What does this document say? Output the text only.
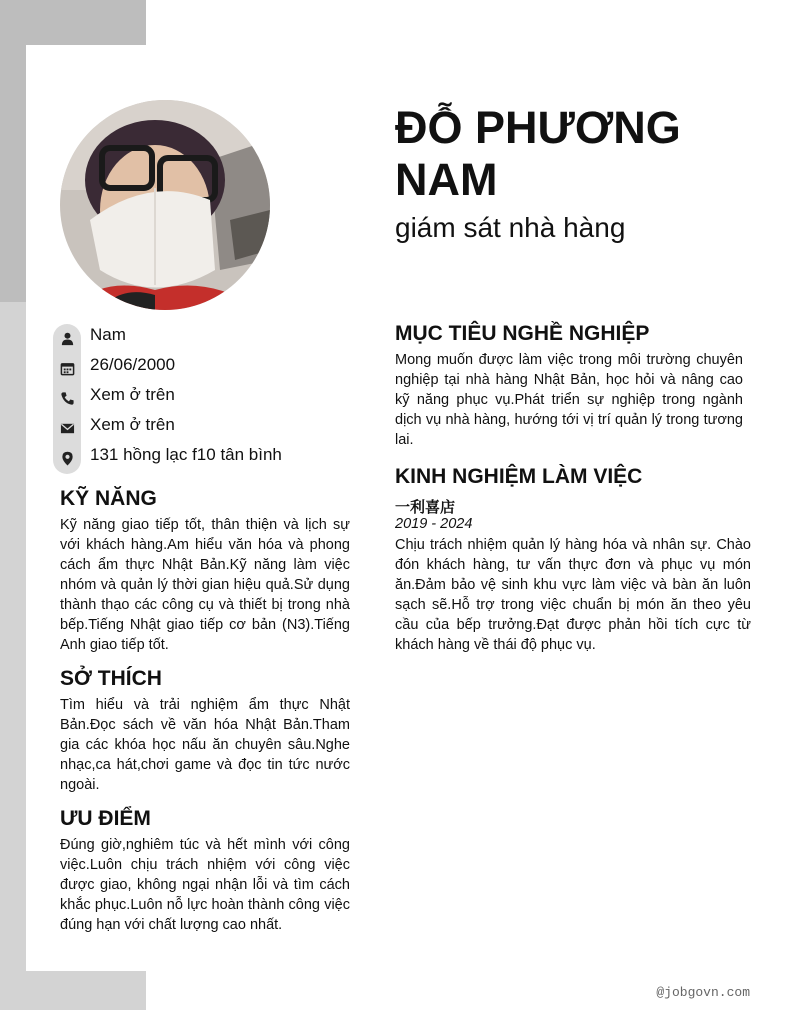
ĐỖ PHƯƠNG NAM
giám sát nhà hàng
Nam
26/06/2000
Xem ở trên
Xem ở trên
131 hồng lạc f10 tân bình
KỸ NĂNG
Kỹ năng giao tiếp tốt, thân thiện và lịch sự với khách hàng.Am hiểu văn hóa và phong cách ẩm thực Nhật Bản.Kỹ năng làm việc nhóm và quản lý thời gian hiệu quả.Sử dụng thành thạo các công cụ và thiết bị trong nhà bếp.Tiếng Nhật giao tiếp cơ bản (N3).Tiếng Anh giao tiếp tốt.
SỞ THÍCH
Tìm hiểu và trải nghiệm ẩm thực Nhật Bản.Đọc sách về văn hóa Nhật Bản.Tham gia các khóa học nấu ăn chuyên sâu.Nghe nhạc,ca hát,chơi game và đọc tin tức nước ngoài.
ƯU ĐIỂM
Đúng giờ,nghiêm túc và hết mình với công việc.Luôn chịu trách nhiệm với công việc được giao, không ngại nhận lỗi và tìm cách khắc phục.Luôn nỗ lực hoàn thành công việc đúng hạn với chất lượng cao nhất.
MỤC TIÊU NGHỀ NGHIỆP
Mong muốn được làm việc trong môi trường chuyên nghiệp tại nhà hàng Nhật Bản, học hỏi và nâng cao kỹ năng phục vụ.Phát triển sự nghiệp trong ngành dịch vụ nhà hàng, hướng tới vị trí quản lý trong tương lai.
KINH NGHIỆM LÀM VIỆC
一利喜店
2019 - 2024
Chịu trách nhiệm quản lý hàng hóa và nhân sự. Chào đón khách hàng, tư vấn thực đơn và phục vụ món ăn.Đảm bảo vệ sinh khu vực làm việc và bàn ăn luôn sạch sẽ.Hỗ trợ trong việc chuẩn bị món ăn theo yêu cầu của bếp trưởng.Đạt được phản hồi tích cực từ khách hàng về thái độ phục vụ.
@jobgovn.com
